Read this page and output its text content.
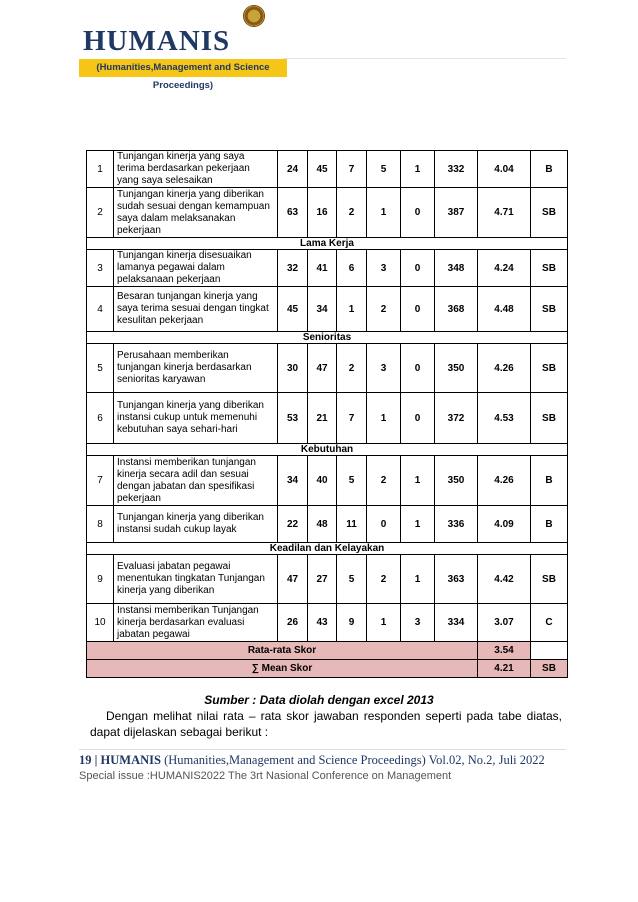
HUMANIS
(Humanities,Management and Science Proceedings)
1	Tunjangan kinerja yang saya terima berdasarkan pekerjaan yang saya selesaikan	24	45	7	5	1	332	4.04	B
2	Tunjangan kinerja yang diberikan sudah sesuai dengan kemampuan saya dalam melaksanakan pekerjaan	63	16	2	1	0	387	4.71	SB
Lama Kerja									
3	Tunjangan kinerja disesuaikan lamanya pegawai dalam pelaksanaan pekerjaan	32	41	6	3	0	348	4.24	SB
4	Besaran tunjangan kinerja yang saya terima sesuai dengan tingkat kesulitan pekerjaan	45	34	1	2	0	368	4.48	SB
Senioritas									
5	Perusahaan memberikan tunjangan kinerja berdasarkan senioritas karyawan	30	47	2	3	0	350	4.26	SB
6	Tunjangan kinerja yang diberikan instansi cukup untuk memenuhi kebutuhan saya sehari-hari	53	21	7	1	0	372	4.53	SB
Kebutuhan									
7	Instansi memberikan tunjangan kinerja secara adil dan sesuai dengan jabatan dan spesifikasi pekerjaan	34	40	5	2	1	350	4.26	B
8	Tunjangan kinerja yang diberikan instansi sudah cukup layak	22	48	11	0	1	336	4.09	B
Keadilan dan Kelayakan									
9	Evaluasi jabatan pegawai menentukan tingkatan Tunjangan kinerja yang diberikan	47	27	5	2	1	363	4.42	SB
10	Instansi memberikan Tunjangan kinerja berdasarkan evaluasi jabatan pegawai	26	43	9	1	3	334	3.07	C
Rata-rata Skor								3.54	
∑ Mean Skor								4.21	SB
Sumber : Data diolah dengan excel 2013
Dengan melihat nilai rata – rata skor jawaban responden seperti pada tabe diatas, dapat dijelaskan sebagai berikut :
19 | HUMANIS (Humanities,Management and Science Proceedings) Vol.02, No.2, Juli 2022
Special issue :HUMANIS2022 The 3rt Nasional Conference on Management
